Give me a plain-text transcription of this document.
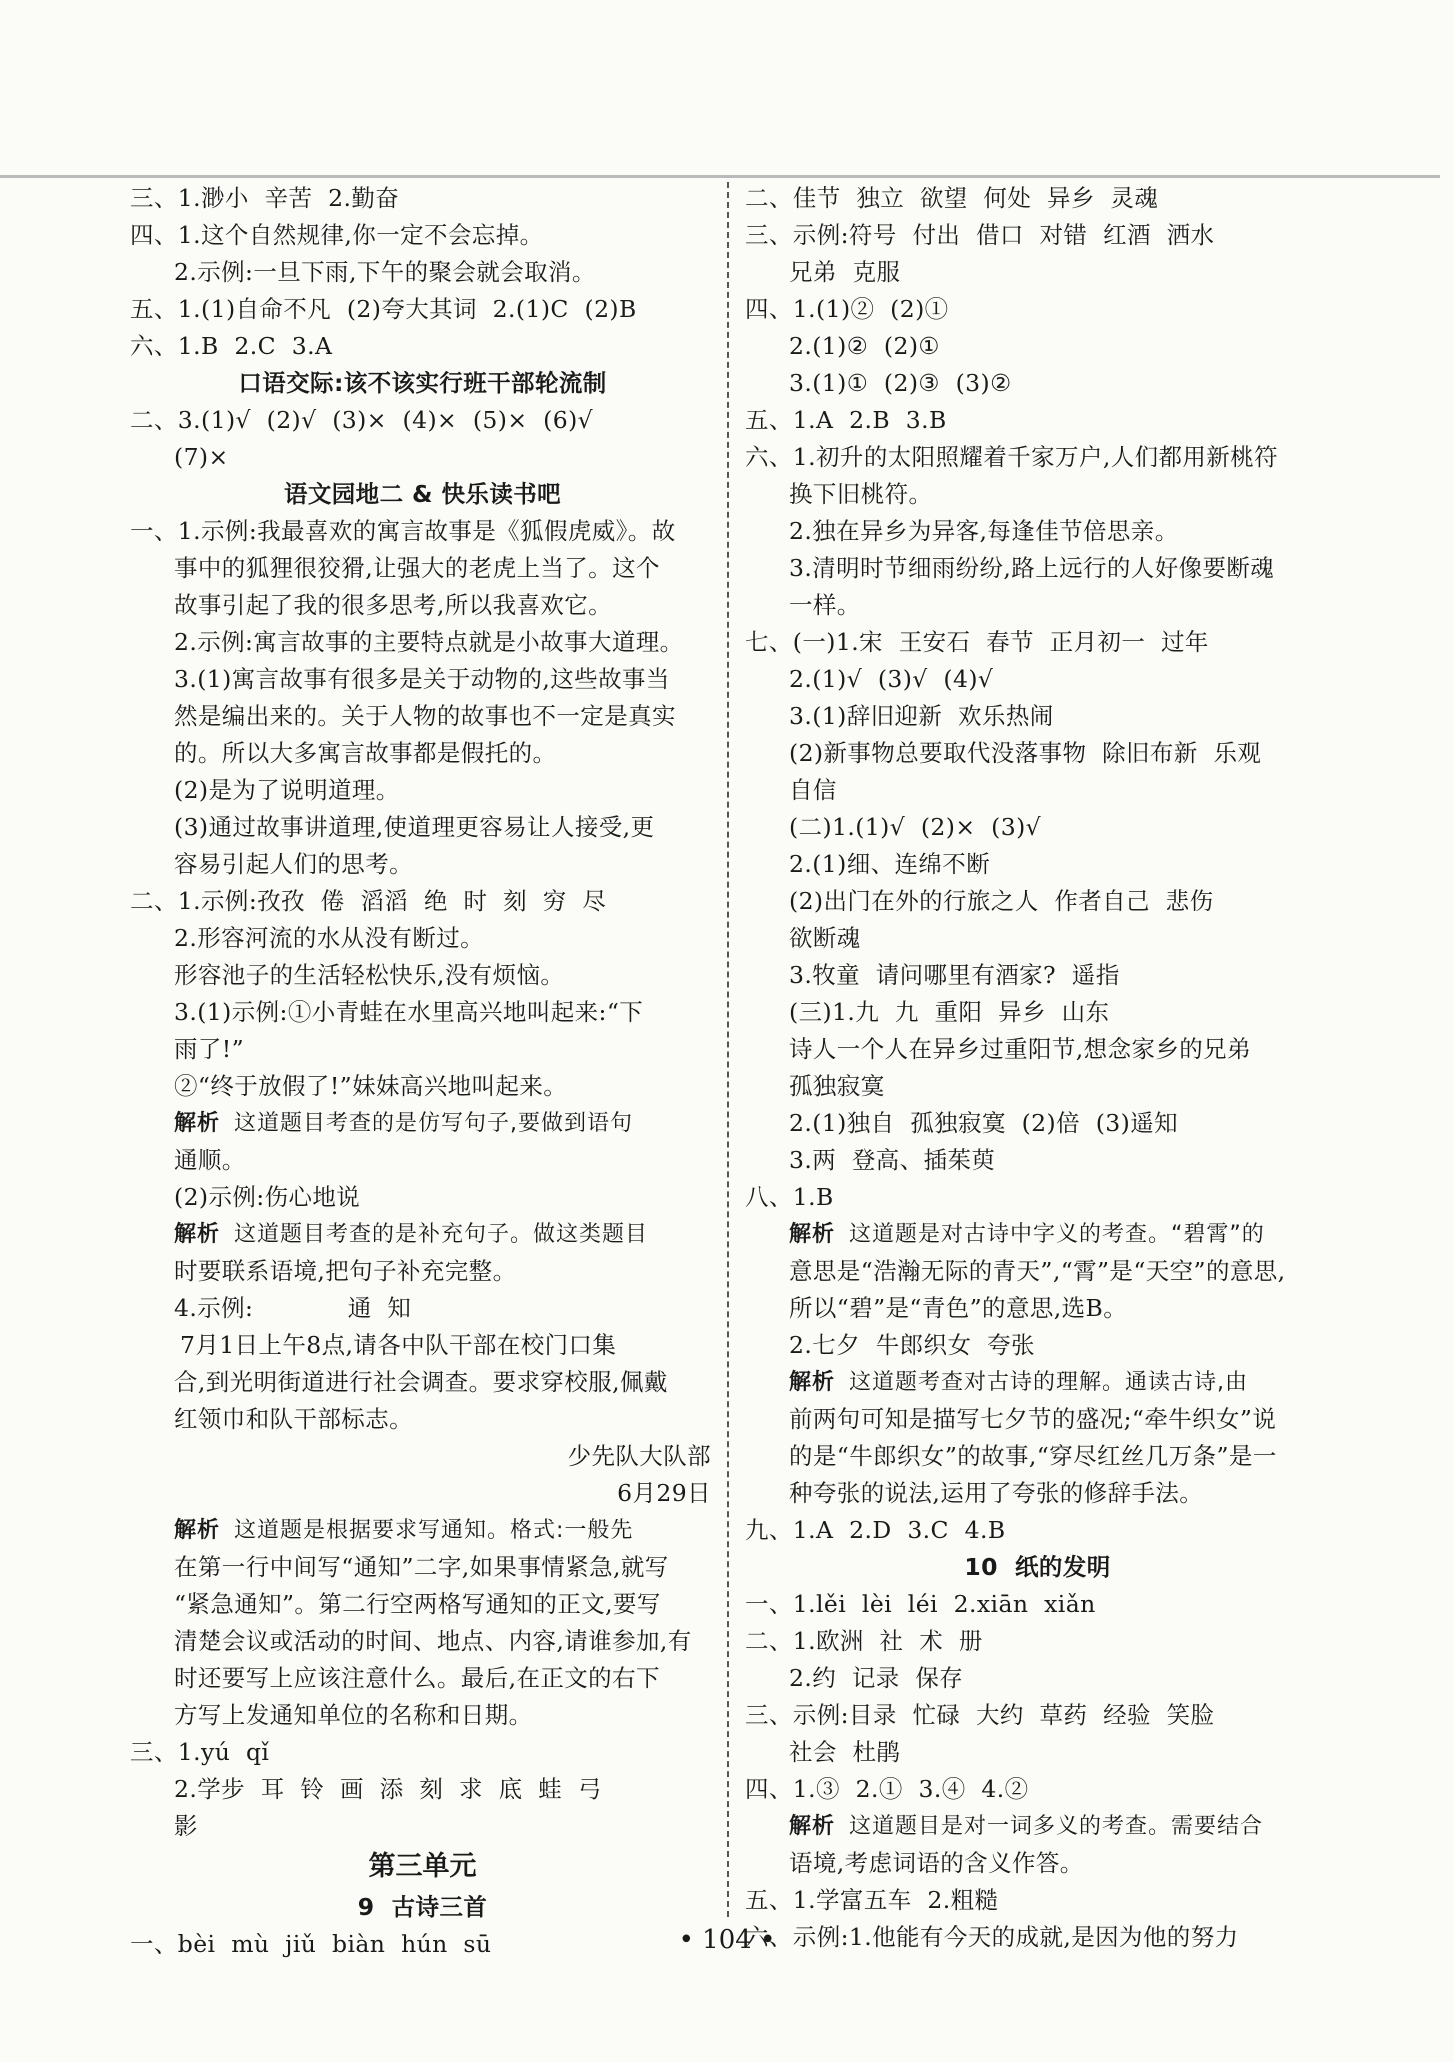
三、1.渺小  辛苦  2.勤奋
四、1.这个自然规律,你一定不会忘掉。
2.示例:一旦下雨,下午的聚会就会取消。
五、1.(1)自命不凡  (2)夸大其词  2.(1)C  (2)B
六、1.B  2.C  3.A
口语交际:该不该实行班干部轮流制
二、3.(1)√  (2)√  (3)×  (4)×  (5)×  (6)√
(7)×
语文园地二 & 快乐读书吧
一、1.示例:我最喜欢的寓言故事是《狐假虎威》。故
事中的狐狸很狡猾,让强大的老虎上当了。这个
故事引起了我的很多思考,所以我喜欢它。
2.示例:寓言故事的主要特点就是小故事大道理。
3.(1)寓言故事有很多是关于动物的,这些故事当
然是编出来的。关于人物的故事也不一定是真实
的。所以大多寓言故事都是假托的。
(2)是为了说明道理。
(3)通过故事讲道理,使道理更容易让人接受,更
容易引起人们的思考。
二、1.示例:孜孜  倦  滔滔  绝  时  刻  穷  尽
2.形容河流的水从没有断过。
形容池子的生活轻松快乐,没有烦恼。
3.(1)示例:①小青蛙在水里高兴地叫起来:“下
雨了!”
②“终于放假了!”妹妹高兴地叫起来。
解析 这道题目考查的是仿写句子,要做到语句
通顺。
(2)示例:伤心地说
解析 这道题目考查的是补充句子。做这类题目
时要联系语境,把句子补充完整。
4.示例:            通  知
7月1日上午8点,请各中队干部在校门口集
合,到光明街道进行社会调查。要求穿校服,佩戴
红领巾和队干部标志。
少先队大队部
6月29日
解析 这道题是根据要求写通知。格式:一般先
在第一行中间写“通知”二字,如果事情紧急,就写
“紧急通知”。第二行空两格写通知的正文,要写
清楚会议或活动的时间、地点、内容,请谁参加,有
时还要写上应该注意什么。最后,在正文的右下
方写上发通知单位的名称和日期。
三、1.yú  qǐ
2.学步  耳  铃  画  添  刻  求  底  蛙  弓
影
第三单元
9  古诗三首
一、bèi  mù  jiǔ  biàn  hún  sū
二、佳节  独立  欲望  何处  异乡  灵魂
三、示例:符号  付出  借口  对错  红酒  洒水
兄弟  克服
四、1.(1)②  (2)①
2.(1)②  (2)①
3.(1)①  (2)③  (3)②
五、1.A  2.B  3.B
六、1.初升的太阳照耀着千家万户,人们都用新桃符
换下旧桃符。
2.独在异乡为异客,每逢佳节倍思亲。
3.清明时节细雨纷纷,路上远行的人好像要断魂
一样。
七、(一)1.宋  王安石  春节  正月初一  过年
2.(1)√  (3)√  (4)√
3.(1)辞旧迎新  欢乐热闹
(2)新事物总要取代没落事物  除旧布新  乐观
自信
(二)1.(1)√  (2)×  (3)√
2.(1)细、连绵不断
(2)出门在外的行旅之人  作者自己  悲伤
欲断魂
3.牧童  请问哪里有酒家?  遥指
(三)1.九  九  重阳  异乡  山东
诗人一个人在异乡过重阳节,想念家乡的兄弟
孤独寂寞
2.(1)独自  孤独寂寞  (2)倍  (3)遥知
3.两  登高、插茱萸
八、1.B
解析 这道题是对古诗中字义的考查。“碧霄”的
意思是“浩瀚无际的青天”,“霄”是“天空”的意思,
所以“碧”是“青色”的意思,选B。
2.七夕  牛郎织女  夸张
解析 这道题考查对古诗的理解。通读古诗,由
前两句可知是描写七夕节的盛况;“牵牛织女”说
的是“牛郎织女”的故事,“穿尽红丝几万条”是一
种夸张的说法,运用了夸张的修辞手法。
九、1.A  2.D  3.C  4.B
10  纸的发明
一、1.lěi  lèi  léi  2.xiān  xiǎn
二、1.欧洲  社  术  册
2.约  记录  保存
三、示例:目录  忙碌  大约  草药  经验  笑脸
社会  杜鹃
四、1.③  2.①  3.④  4.②
解析 这道题目是对一词多义的考查。需要结合
语境,考虑词语的含义作答。
五、1.学富五车  2.粗糙
六、示例:1.他能有今天的成就,是因为他的努力
• 104 •
